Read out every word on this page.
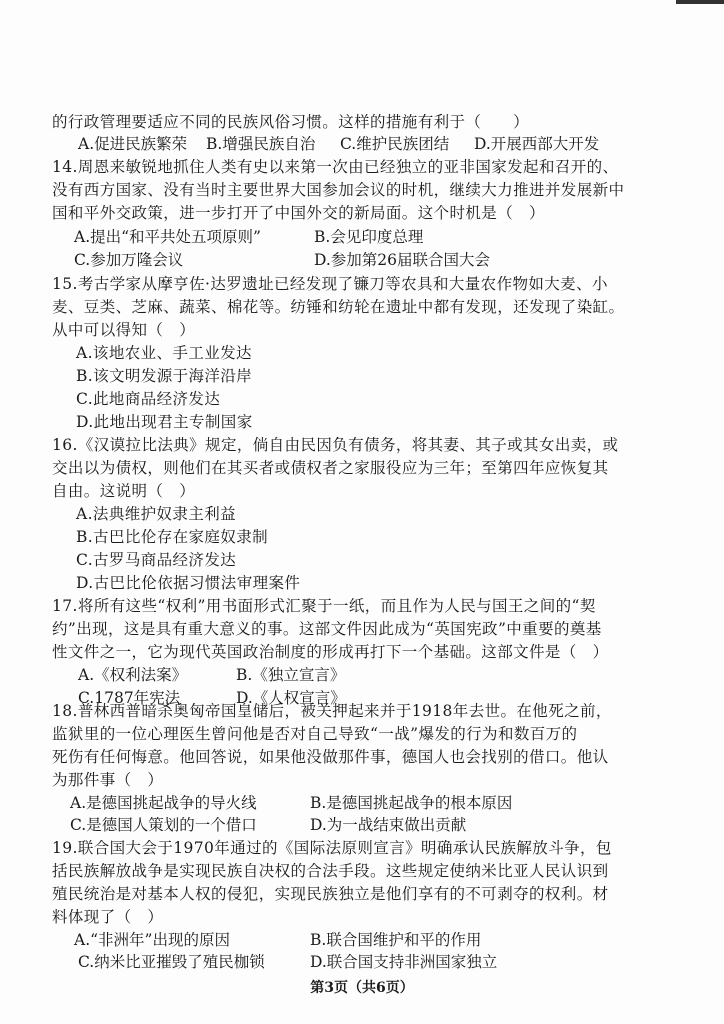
的行政管理要适应不同的民族风俗习惯。这样的措施有利于（　　）
A.促进民族繁荣 B.增强民族自治 C.维护民族团结 D.开展西部大开发
14.周恩来敏锐地抓住人类有史以来第一次由已经独立的亚非国家发起和召开的、
没有西方国家、没有当时主要世界大国参加会议的时机，继续大力推进并发展新中
国和平外交政策，进一步打开了中国外交的新局面。这个时机是（　）
A.提出“和平共处五项原则”	B.会见印度总理
C.参加万隆会议	D.参加第26届联合国大会
15.考古学家从摩亨佐·达罗遗址已经发现了镰刀等农具和大量农作物如大麦、小
麦、豆类、芝麻、蔬菜、棉花等。纺锤和纺轮在遗址中都有发现，还发现了染缸。
从中可以得知（　）
A.该地农业、手工业发达
B.该文明发源于海洋沿岸
C.此地商品经济发达
D.此地出现君主专制国家
16.《汉谟拉比法典》规定，倘自由民因负有债务，将其妻、其子或其女出卖，或
交出以为债权，则他们在其买者或债权者之家服役应为三年；至第四年应恢复其
自由。这说明（　）
A.法典维护奴隶主利益
B.古巴比伦存在家庭奴隶制
C.古罗马商品经济发达
D.古巴比伦依据习惯法审理案件
17.将所有这些“权利”用书面形式汇聚于一纸，而且作为人民与国王之间的“契
约”出现，这是具有重大意义的事。这部文件因此成为“英国宪政”中重要的奠基
性文件之一，它为现代英国政治制度的形成再打下一个基础。这部文件是（　）
A.《权利法案》	B.《独立宣言》
C.1787年宪法	D.《人权宣言》
18.普林西普暗杀奥匈帝国皇储后，被关押起来并于1918年去世。在他死之前，
监狱里的一位心理医生曾问他是否对自己导致“一战”爆发的行为和数百万的
死伤有任何悔意。他回答说，如果他没做那件事，德国人也会找别的借口。他认
为那件事（　）
A.是德国挑起战争的导火线	B.是德国挑起战争的根本原因
C.是德国人策划的一个借口	D.为一战结束做出贡献
19.联合国大会于1970年通过的《国际法原则宣言》明确承认民族解放斗争，包
括民族解放战争是实现民族自决权的合法手段。这些规定使纳米比亚人民认识到
殖民统治是对基本人权的侵犯，实现民族独立是他们享有的不可剥夺的权利。材
料体现了（　）
A.“非洲年”出现的原因	B.联合国维护和平的作用
C.纳米比亚摧毁了殖民枷锁	D.联合国支持非洲国家独立
第3页（共6页）
